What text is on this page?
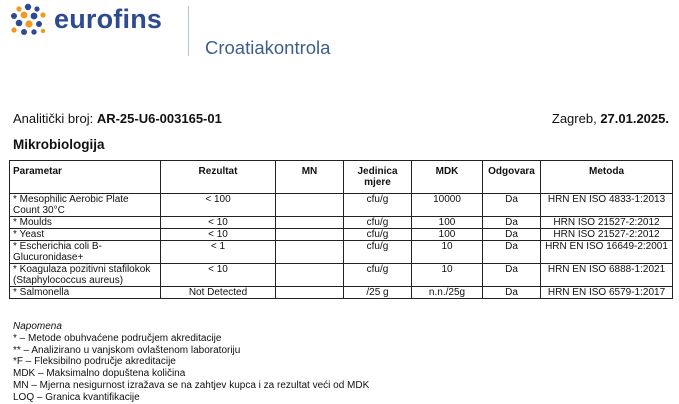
eurofins
Croatiakontrola
Analitički broj: AR-25-U6-003165-01	Zagreb, 27.01.2025.
Mikrobiologija
Parametar	Rezultat	MN	Jedinica mjere	MDK	Odgovara	Metoda
* Mesophilic Aerobic Plate Count 30°C	< 100		cfu/g	10000	Da	HRN EN ISO 4833-1:2013
* Moulds	< 10		cfu/g	100	Da	HRN ISO 21527-2:2012
* Yeast	< 10		cfu/g	100	Da	HRN ISO 21527-2:2012
* Escherichia coli B-Glucuronidase+	< 1		cfu/g	10	Da	HRN EN ISO 16649-2:2001
* Koagulaza pozitivni stafilokok (Staphylococcus aureus)	< 10		cfu/g	10	Da	HRN EN ISO 6888-1:2021
* Salmonella	Not Detected		/25 g	n.n./25g	Da	HRN EN ISO 6579-1:2017
Napomena
* – Metode obuhvaćene područjem akreditacije
** – Analizirano u vanjskom ovlaštenom laboratoriju
*F – Fleksibilno područje akreditacije
MDK – Maksimalno dopuštena količina
MN – Mjerna nesigurnost izražava se na zahtjev kupca i za rezultat veći od MDK
LOQ – Granica kvantifikacije
